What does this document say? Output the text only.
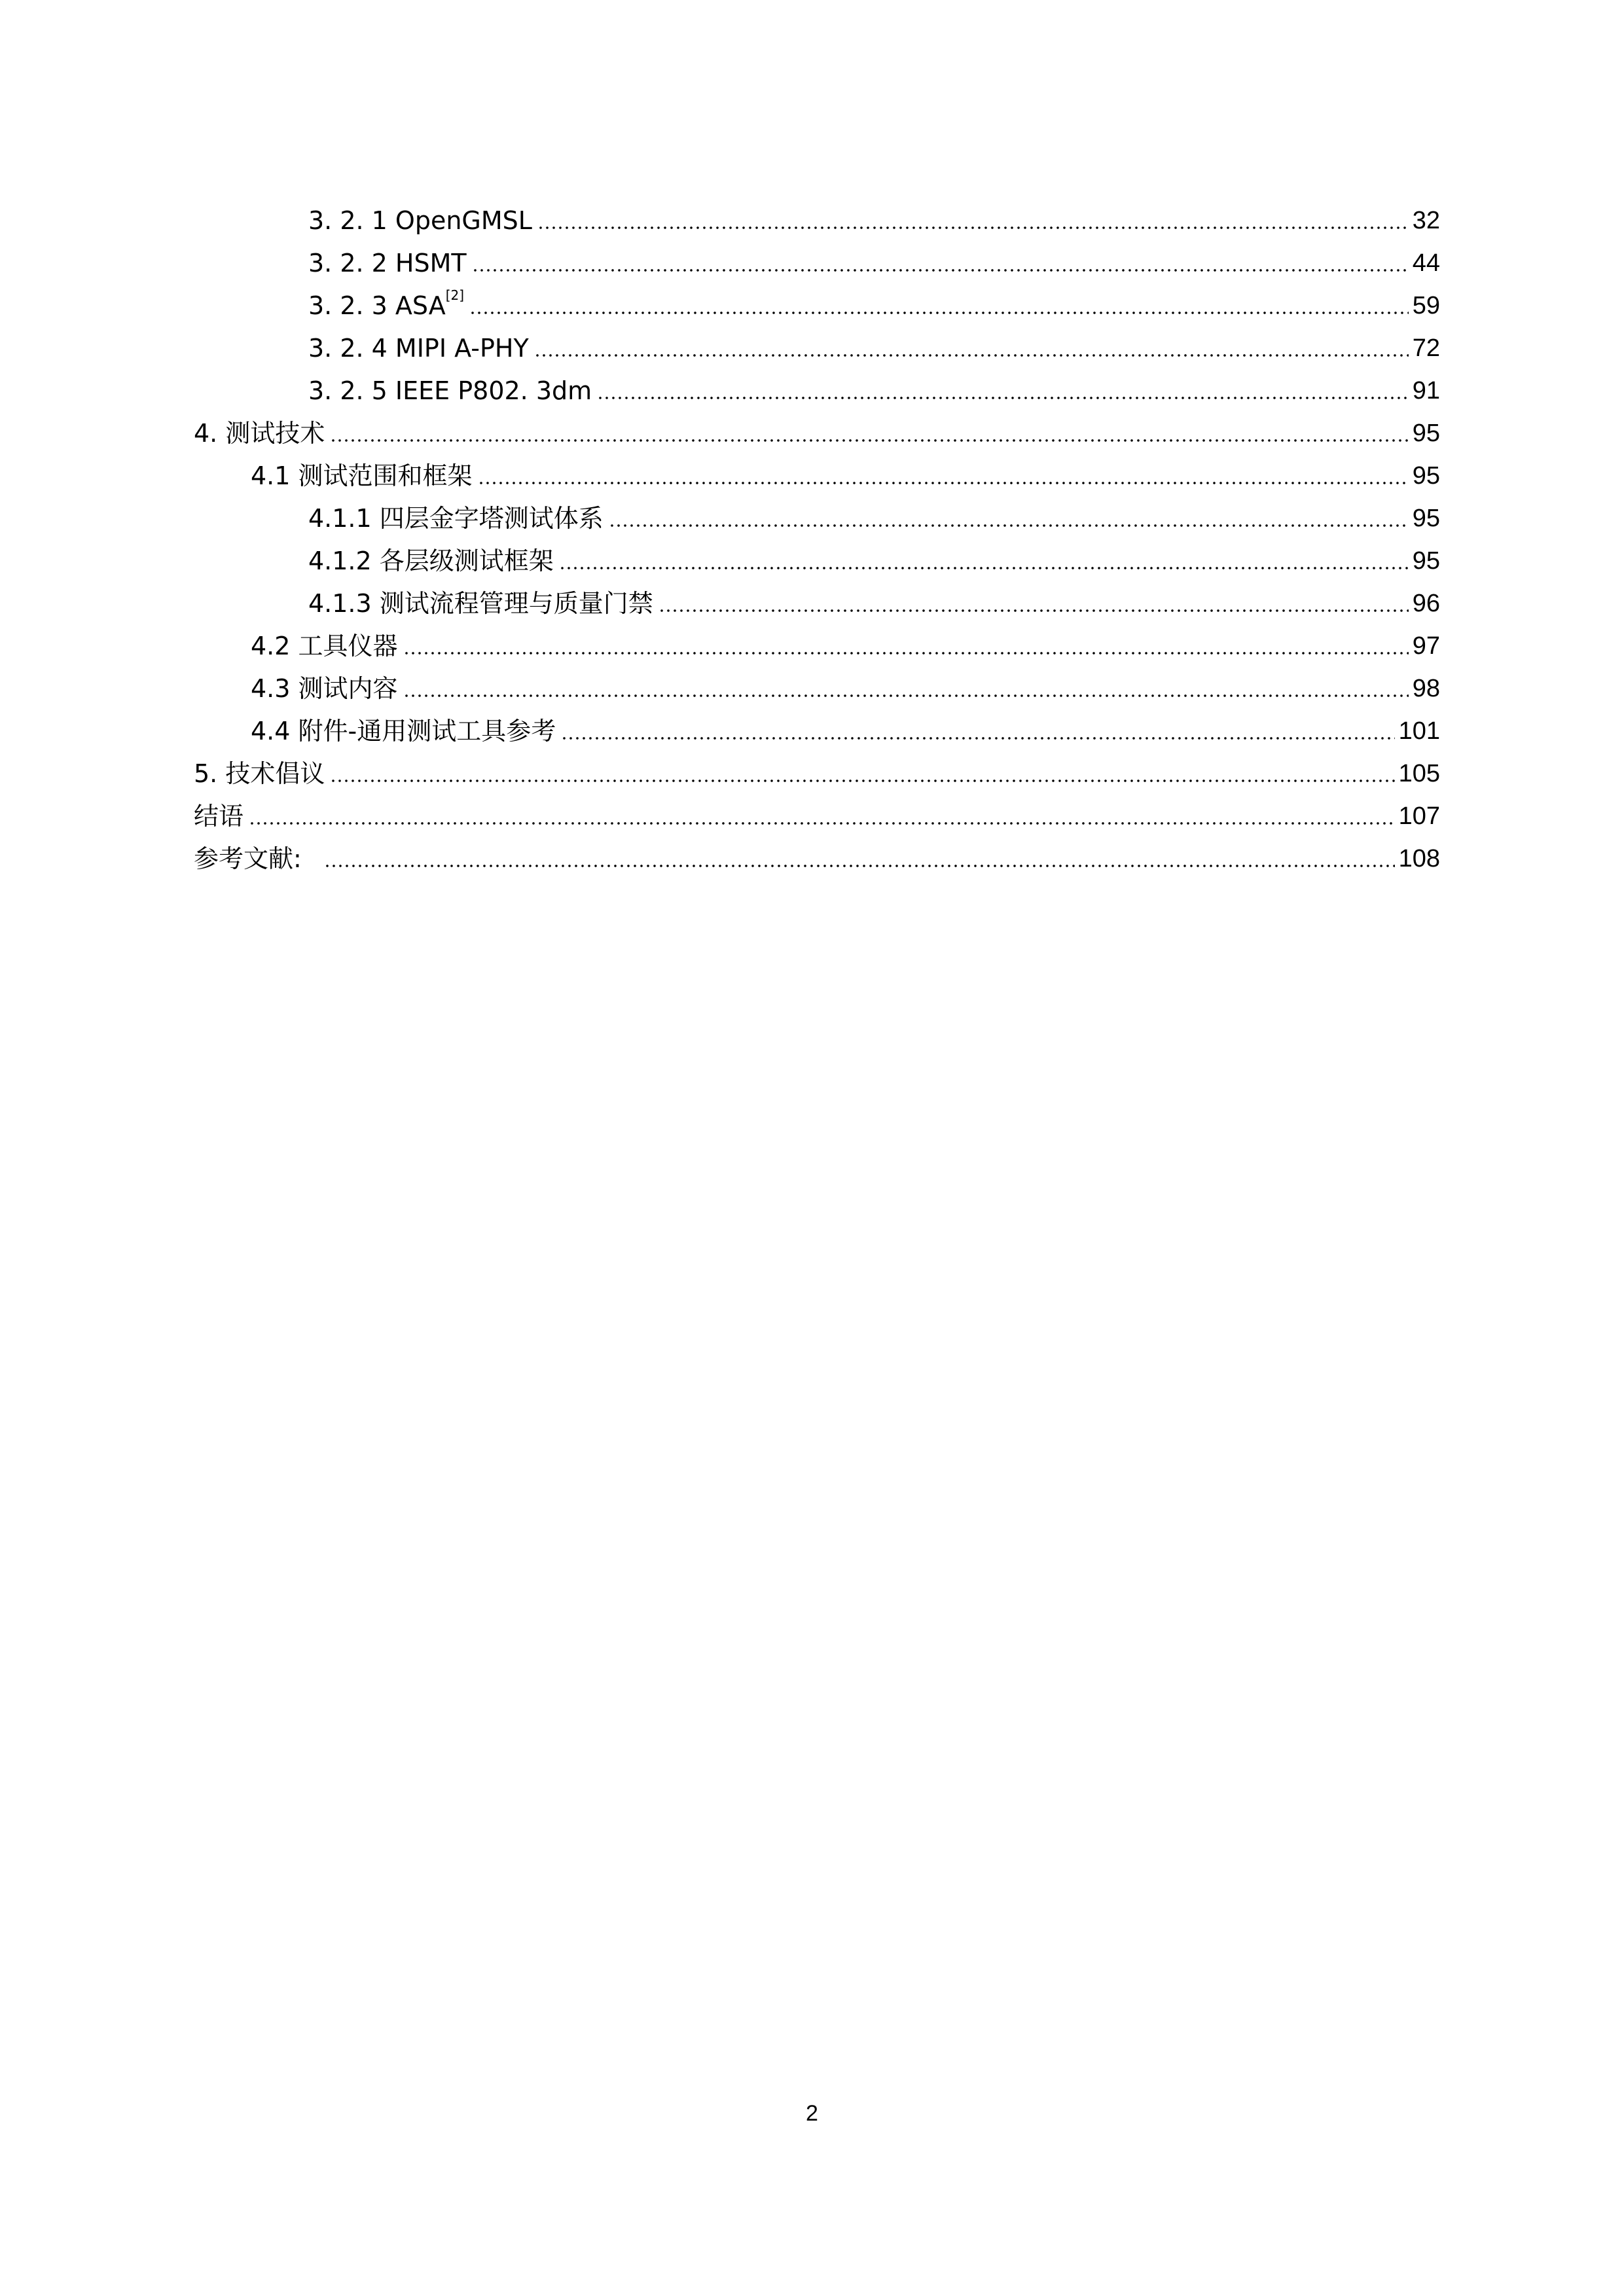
3. 2. 1 OpenGMSL	32
3. 2. 2 HSMT	44
3. 2. 3 ASA[2]	59
3. 2. 4 MIPI A-PHY	72
3. 2. 5 IEEE P802. 3dm	91
4. 测试技术	95
4.1 测试范围和框架	95
4.1.1 四层金字塔测试体系	95
4.1.2 各层级测试框架	95
4.1.3 测试流程管理与质量门禁	96
4.2 工具仪器	97
4.3 测试内容	98
4.4 附件-通用测试工具参考	101
5. 技术倡议	105
结语	107
参考文献:	108
2
